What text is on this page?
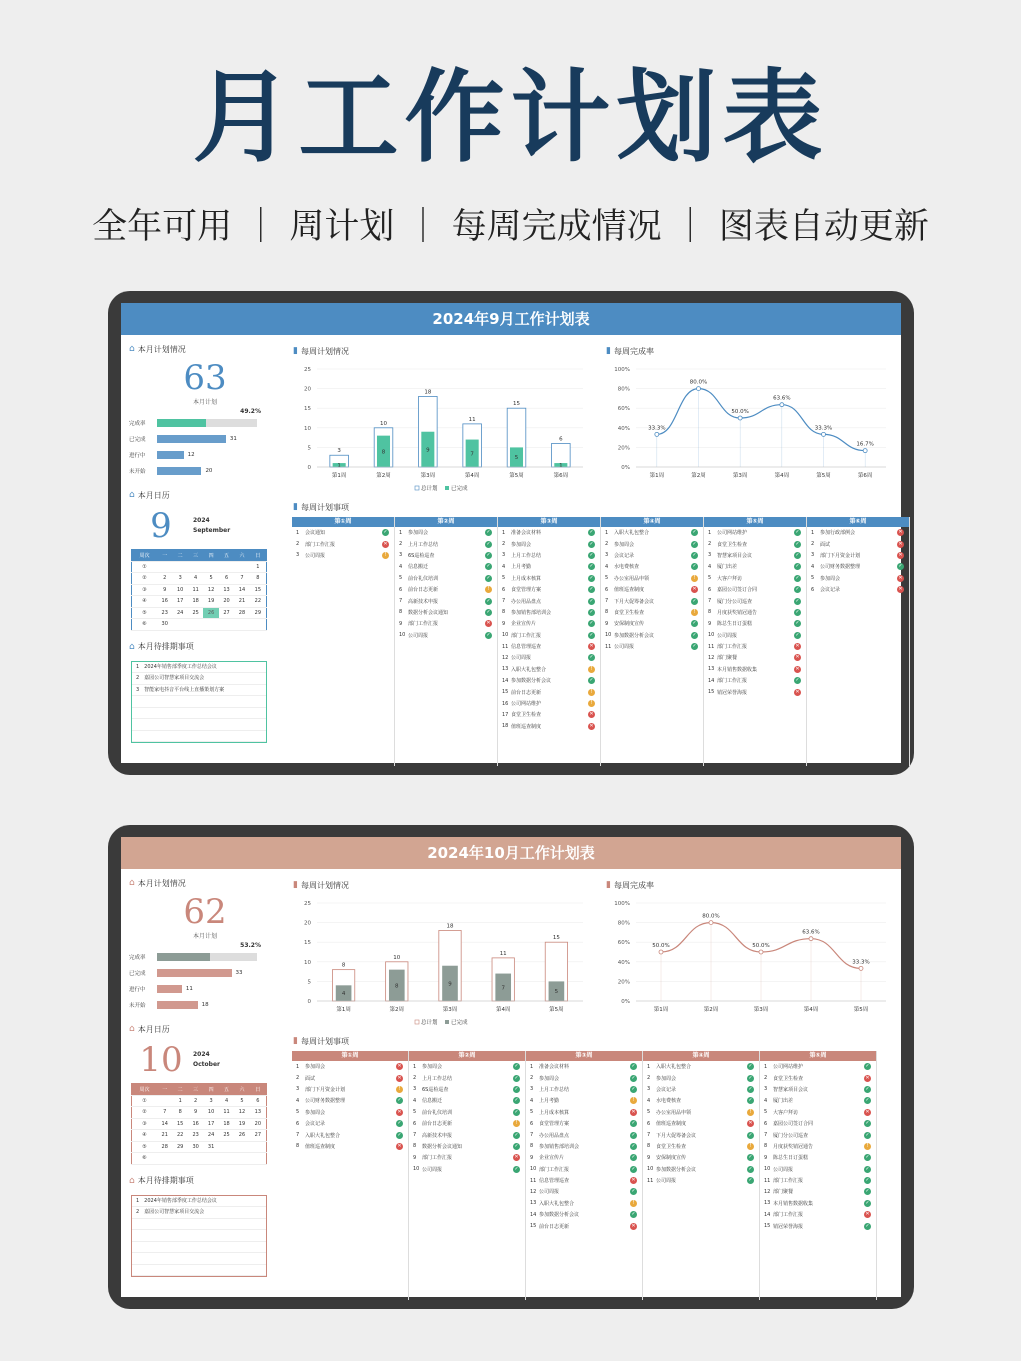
月工作计划表
全年可用 ｜ 周计划 ｜ 每周完成情况 ｜ 图表自动更新
2024年9月工作计划表
⌂ 本月计划情况
63
本月计划
49.2%
完成率
已完成	31
进行中	12
未开始	20
⌂ 本月日历
9	2024
September
周次	一	二	三	四	五	六	日
①							1
②	2	3	4	5	6	7	8
③	9	10	11	12	13	14	15
④	16	17	18	19	20	21	22
⑤	23	24	25	26	27	28	29
⑥	30						
⌂ 本月待排期事项
1　2024年销售部季度工作总结会议
2　嘉园公司智慧家项目交流会
3　智能家电抖音平台线上直播策划方案
▮ 每周计划情况
0
5
10
15
20
25
3
1
第1周
10
8
第2周
18
9
第3周
11
7
第4周
15
5
第5周
6
1
第6周
总计划 已完成
▮ 每周完成率
0%
20%
40%
60%
80%
100%
33.3%
第1周
80.0%
第2周
50.0%
第3周
63.6%
第4周
33.3%
第5周
16.7%
第6周
▮ 每周计划事项
第①周
1	会议通知	✓
2	部门工作汇报	✕
3	公司周报	!
第②周
1	参加周会	✓
2	上月工作总结	✓
3	6S巡检巡查	✓
4	信息搬迁	✓
5	前台礼仪培训	✓
6	前台日志更新	!
7	高新技术申报	✓
8	数据分析会议通知	✓
9	部门工作汇报	✕
10 公司周报	✓
第③周
1	准备会议材料	✓
2	参加周会	✓
3	上月工作总结	✓
4	上月考勤	✓
5	上月成本核算	✓
6	食堂管理方案	✓
7	办公用品盘点	✓
8	参加销售部培训会	✓
9	企业宣传片	✓
10 部门工作汇报	✓
11 信息管理巡查	✕
12 公司周报	✓
13 入职大礼包整合	!
14 参加数据分析会议	✓
15 前台日志更新	!
16 公司网站维护	!
17 食堂卫生检查	✕
18 值班巡查制度	✕
第④周
1	入职大礼包整合	✓
2	参加周会	✓
3	会议记录	✓
4	水电费核查	✓
5	办公室用品申领	!
6	值班巡查制度	✕
7	下月大促筹备会议	✓
8	食堂卫生检查	!
9	安保制度宣传	✓
10 参加数据分析会议	✓
11 公司周报	✓
第⑤周
1	公司网站维护	✓
2	食堂卫生检查	✓
3	智慧家项目会议	✓
4	厦门出差	✓
5	大客户拜访	✓
6	嘉园公司签订合同	✓
7	厦门分公司巡查	✓
8	月度获奖销冠通告	✓
9	陈总生日订蛋糕	✓
10 公司周报	✓
11 部门工作汇报	✕
12 部门聚餐	✕
13 本月销售数据收集	✕
14 部门工作汇报	✓
15 销冠荣誉海报	✕
第⑥周
1	参加行政部例会	✕
2	面试	✕
3	部门下月资金计划	✕
4	公司财务数据整理	✓
5	参加周会	✕
6	会议记录	✕
2024年10月工作计划表
⌂ 本月计划情况
62
本月计划
53.2%
完成率
已完成	33
进行中	11
未开始	18
⌂ 本月日历
10	2024
October
周次	一	二	三	四	五	六	日
①		1	2	3	4	5	6
②	7	8	9	10	11	12	13
③	14	15	16	17	18	19	20
④	21	22	23	24	25	26	27
⑤	28	29	30	31			
⑥							
⌂ 本月待排期事项
1　2024年销售部季度工作总结会议
2　嘉园公司智慧家项目交流会
▮ 每周计划情况
0
5
10
15
20
25
8
4
第1周
10
8
第2周
18
9
第3周
11
7
第4周
15
5
第5周
总计划 已完成
▮ 每周完成率
0%
20%
40%
60%
80%
100%
50.0%
第1周
80.0%
第2周
50.0%
第3周
63.6%
第4周
33.3%
第5周
▮ 每周计划事项
第①周
1	参加周会	✕
2	面试	✕
3	部门下月资金计划	!
4	公司财务数据整理	✓
5	参加周会	✕
6	会议记录	✓
7	入职大礼包整合	✓
8	值班巡查制度	✕
第②周
1	参加周会	✓
2	上月工作总结	✓
3	6S巡检巡查	✓
4	信息搬迁	✓
5	前台礼仪培训	✓
6	前台日志更新	!
7	高新技术申报	✓
8	数据分析会议通知	✓
9	部门工作汇报	✕
10 公司周报	✓
第③周
1	准备会议材料	✓
2	参加周会	✓
3	上月工作总结	✓
4	上月考勤	!
5	上月成本核算	✕
6	食堂管理方案	✓
7	办公用品盘点	✓
8	参加销售部培训会	✓
9	企业宣传片	✓
10 部门工作汇报	✓
11 信息管理巡查	✕
12 公司周报	✓
13 入职大礼包整合	!
14 参加数据分析会议	✓
15 前台日志更新	✕
第④周
1	入职大礼包整合	✓
2	参加周会	✓
3	会议记录	✓
4	水电费核查	✓
5	办公室用品申领	!
6	值班巡查制度	✕
7	下月大促筹备会议	✓
8	食堂卫生检查	!
9	安保制度宣传	✓
10 参加数据分析会议	✓
11 公司周报	✓
第⑤周
1	公司网站维护	✓
2	食堂卫生检查	✕
3	智慧家项目会议	✓
4	厦门出差	✓
5	大客户拜访	✕
6	嘉园公司签订合同	✓
7	厦门分公司巡查	✓
8	月度获奖销冠通告	!
9	陈总生日订蛋糕	✓
10 公司周报	✓
11 部门工作汇报	✓
12 部门聚餐	✓
13 本月销售数据收集	✓
14 部门工作汇报	✕
15 销冠荣誉海报	✓
